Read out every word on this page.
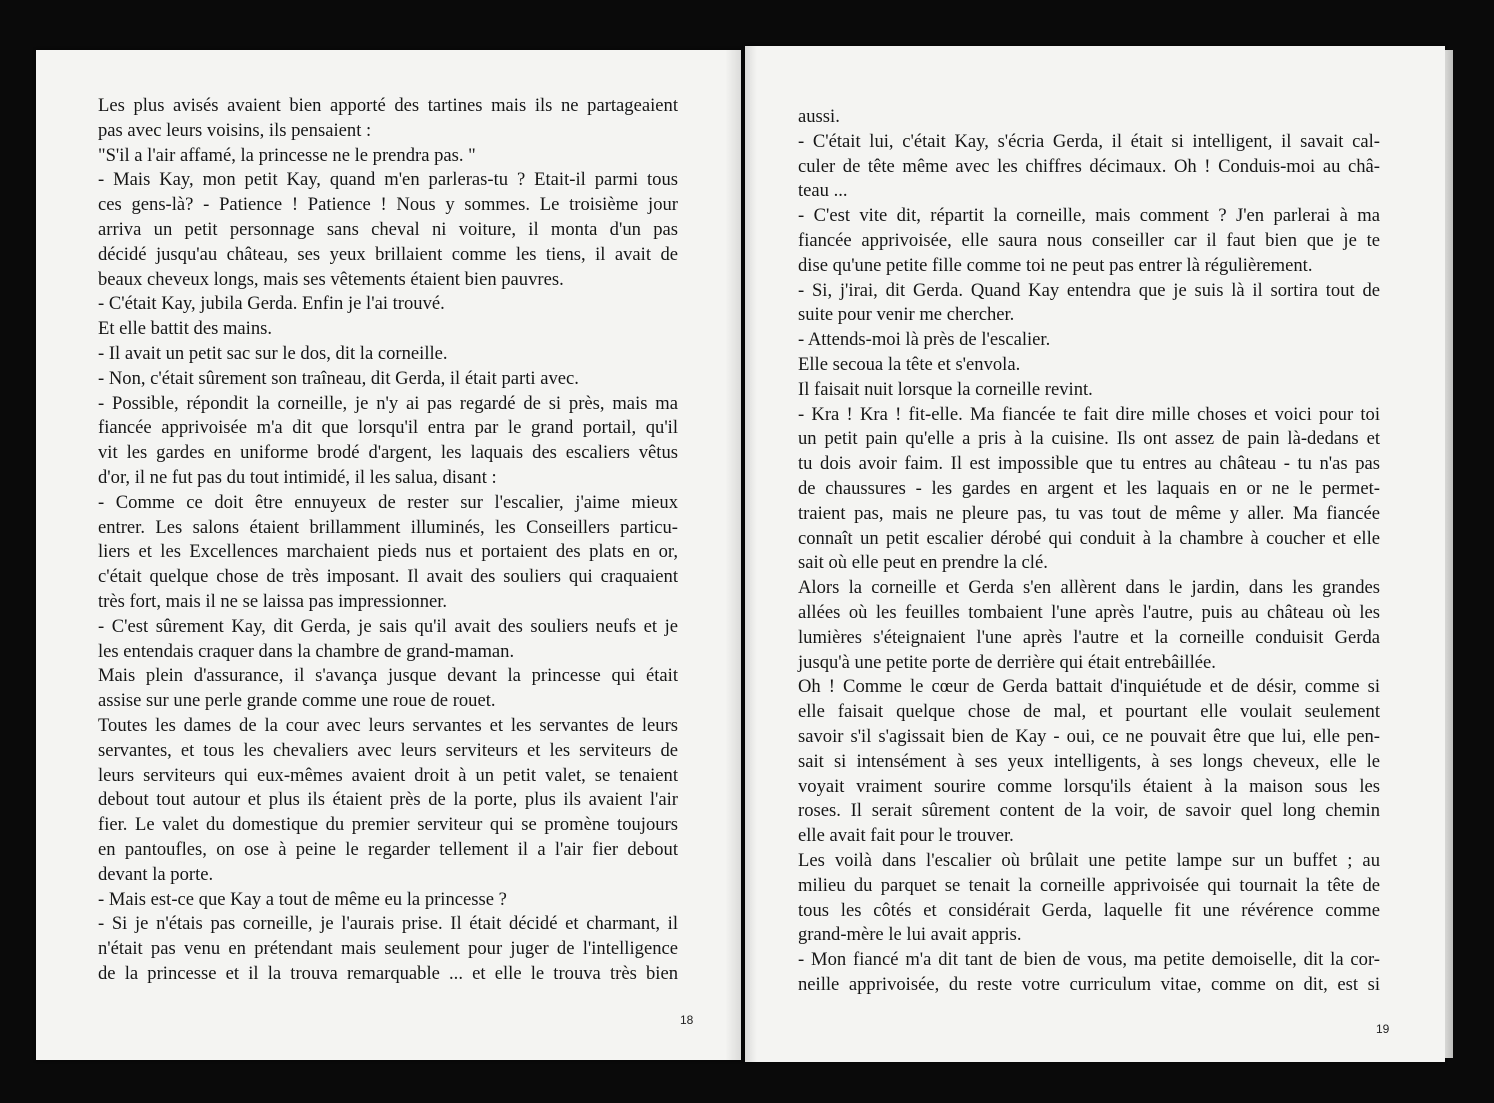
Les plus avisés avaient bien apporté des tartines mais ils ne partageaient
pas avec leurs voisins, ils pensaient :
"S'il a l'air affamé, la princesse ne le prendra pas. "
- Mais Kay, mon petit Kay, quand m'en parleras-tu ? Etait-il parmi tous
ces gens-là? - Patience ! Patience ! Nous y sommes. Le troisième jour
arriva un petit personnage sans cheval ni voiture, il monta d'un pas
décidé jusqu'au château, ses yeux brillaient comme les tiens, il avait de
beaux cheveux longs, mais ses vêtements étaient bien pauvres.
- C'était Kay, jubila Gerda. Enfin je l'ai trouvé.
Et elle battit des mains.
- Il avait un petit sac sur le dos, dit la corneille.
- Non, c'était sûrement son traîneau, dit Gerda, il était parti avec.
- Possible, répondit la corneille, je n'y ai pas regardé de si près, mais ma
fiancée apprivoisée m'a dit que lorsqu'il entra par le grand portail, qu'il
vit les gardes en uniforme brodé d'argent, les laquais des escaliers vêtus
d'or, il ne fut pas du tout intimidé, il les salua, disant :
- Comme ce doit être ennuyeux de rester sur l'escalier, j'aime mieux
entrer. Les salons étaient brillamment illuminés, les Conseillers particu-
liers et les Excellences marchaient pieds nus et portaient des plats en or,
c'était quelque chose de très imposant. Il avait des souliers qui craquaient
très fort, mais il ne se laissa pas impressionner.
- C'est sûrement Kay, dit Gerda, je sais qu'il avait des souliers neufs et je
les entendais craquer dans la chambre de grand-maman.
Mais plein d'assurance, il s'avança jusque devant la princesse qui était
assise sur une perle grande comme une roue de rouet.
Toutes les dames de la cour avec leurs servantes et les servantes de leurs
servantes, et tous les chevaliers avec leurs serviteurs et les serviteurs de
leurs serviteurs qui eux-mêmes avaient droit à un petit valet, se tenaient
debout tout autour et plus ils étaient près de la porte, plus ils avaient l'air
fier. Le valet du domestique du premier serviteur qui se promène toujours
en pantoufles, on ose à peine le regarder tellement il a l'air fier debout
devant la porte.
- Mais est-ce que Kay a tout de même eu la princesse ?
- Si je n'étais pas corneille, je l'aurais prise. Il était décidé et charmant, il
n'était pas venu en prétendant mais seulement pour juger de l'intelligence
de la princesse et il la trouva remarquable ... et elle le trouva très bien
18
aussi.
- C'était lui, c'était Kay, s'écria Gerda, il était si intelligent, il savait cal-
culer de tête même avec les chiffres décimaux. Oh ! Conduis-moi au châ-
teau ...
- C'est vite dit, répartit la corneille, mais comment ? J'en parlerai à ma
fiancée apprivoisée, elle saura nous conseiller car il faut bien que je te
dise qu'une petite fille comme toi ne peut pas entrer là régulièrement.
- Si, j'irai, dit Gerda. Quand Kay entendra que je suis là il sortira tout de
suite pour venir me chercher.
- Attends-moi là près de l'escalier.
Elle secoua la tête et s'envola.
Il faisait nuit lorsque la corneille revint.
- Kra ! Kra ! fit-elle. Ma fiancée te fait dire mille choses et voici pour toi
un petit pain qu'elle a pris à la cuisine. Ils ont assez de pain là-dedans et
tu dois avoir faim. Il est impossible que tu entres au château - tu n'as pas
de chaussures - les gardes en argent et les laquais en or ne le permet-
traient pas, mais ne pleure pas, tu vas tout de même y aller. Ma fiancée
connaît un petit escalier dérobé qui conduit à la chambre à coucher et elle
sait où elle peut en prendre la clé.
Alors la corneille et Gerda s'en allèrent dans le jardin, dans les grandes
allées où les feuilles tombaient l'une après l'autre, puis au château où les
lumières s'éteignaient l'une après l'autre et la corneille conduisit Gerda
jusqu'à une petite porte de derrière qui était entrebâillée.
Oh ! Comme le cœur de Gerda battait d'inquiétude et de désir, comme si
elle faisait quelque chose de mal, et pourtant elle voulait seulement
savoir s'il s'agissait bien de Kay - oui, ce ne pouvait être que lui, elle pen-
sait si intensément à ses yeux intelligents, à ses longs cheveux, elle le
voyait vraiment sourire comme lorsqu'ils étaient à la maison sous les
roses. Il serait sûrement content de la voir, de savoir quel long chemin
elle avait fait pour le trouver.
Les voilà dans l'escalier où brûlait une petite lampe sur un buffet ; au
milieu du parquet se tenait la corneille apprivoisée qui tournait la tête de
tous les côtés et considérait Gerda, laquelle fit une révérence comme
grand-mère le lui avait appris.
- Mon fiancé m'a dit tant de bien de vous, ma petite demoiselle, dit la cor-
neille apprivoisée, du reste votre curriculum vitae, comme on dit, est si
19
